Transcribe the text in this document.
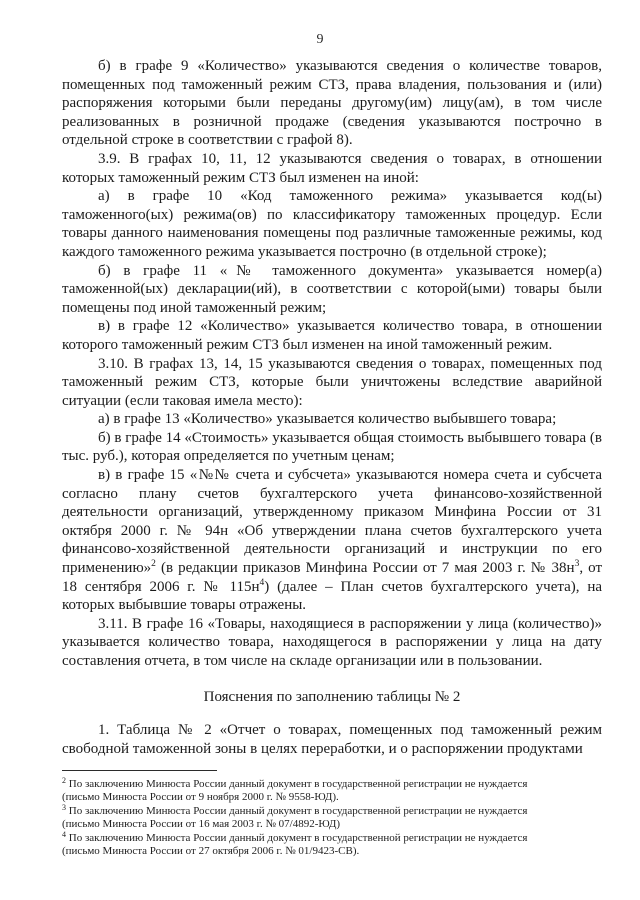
9

б) в графе 9 «Количество» указываются сведения о количестве товаров, помещенных под таможенный режим СТЗ, права владения, пользования и (или) распоряжения которыми были переданы другому(им) лицу(ам), в том числе реализованных в розничной продаже (сведения указываются построчно в отдельной строке в соответствии с графой 8).

3.9. В графах 10, 11, 12 указываются сведения о товарах, в отношении которых таможенный режим СТЗ был изменен на иной:

а) в графе 10 «Код таможенного режима» указывается код(ы) таможенного(ых) режима(ов) по классификатору таможенных процедур. Если товары данного наименования помещены под различные таможенные режимы, код каждого таможенного режима указывается построчно (в отдельной строке);

б) в графе 11 «№ таможенного документа» указывается номер(а) таможенной(ых) декларации(ий), в соответствии с которой(ыми) товары были помещены под иной таможенный режим;

в) в графе 12 «Количество» указывается количество товара, в отношении которого таможенный режим СТЗ был изменен на иной таможенный режим.

3.10. В графах 13, 14, 15 указываются сведения о товарах, помещенных под таможенный режим СТЗ, которые были уничтожены вследствие аварийной ситуации (если таковая имела место):

а) в графе 13 «Количество» указывается количество выбывшего товара;

б) в графе 14 «Стоимость» указывается общая стоимость выбывшего товара (в тыс. руб.), которая определяется по учетным ценам;

в) в графе 15 «№№ счета и субсчета» указываются номера счета и субсчета согласно плану счетов бухгалтерского учета финансово-хозяйственной деятельности организаций, утвержденному приказом Минфина России от 31 октября 2000 г. № 94н «Об утверждении плана счетов бухгалтерского учета финансово-хозяйственной деятельности организаций и инструкции по его применению»$^2$ (в редакции приказов Минфина России от 7 мая 2003 г. № 38н$^3$, от 18 сентября 2006 г. № 115н$^4$) (далее – План счетов бухгалтерского учета), на которых выбывшие товары отражены.

3.11. В графе 16 «Товары, находящиеся в распоряжении у лица (количество)» указывается количество товара, находящегося в распоряжении у лица на дату составления отчета, в том числе на складе организации или в пользовании.

Пояснения по заполнению таблицы № 2

1. Таблица № 2 «Отчет о товарах, помещенных под таможенный режим свободной таможенной зоны в целях переработки, и о распоряжении продуктами

$^2$ По заключению Минюста России данный документ в государственной регистрации не нуждается (письмо Минюста России от 9 ноября 2000 г. № 9558-ЮД).
$^3$ По заключению Минюста России данный документ в государственной регистрации не нуждается (письмо Минюста России от 16 мая 2003 г. № 07/4892-ЮД)
$^4$ По заключению Минюста России данный документ в государственной регистрации не нуждается (письмо Минюста России от 27 октября 2006 г. № 01/9423-СВ).
